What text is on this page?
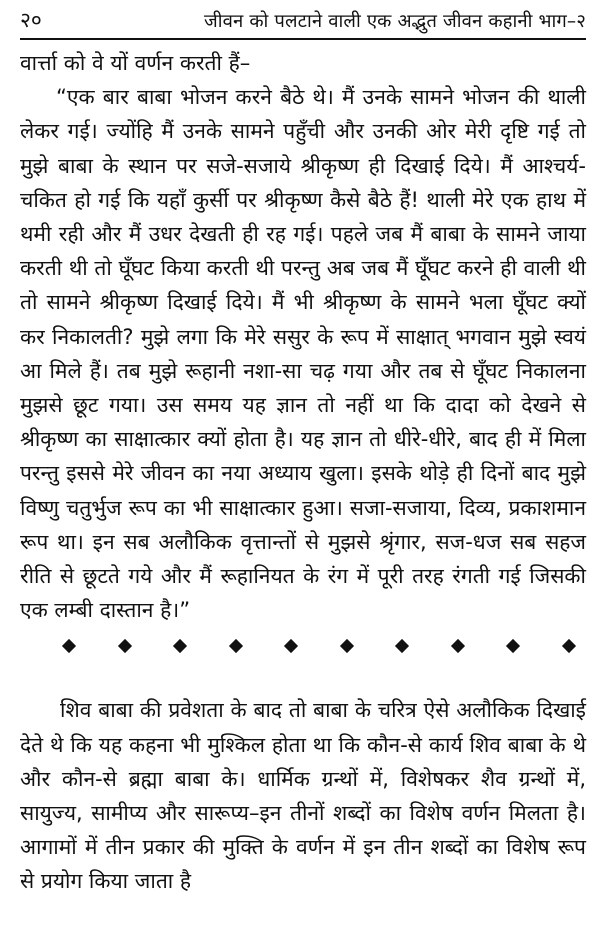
२०	जीवन को पलटाने वाली एक अद्भुत जीवन कहानी भाग–२

वार्त्ता को वे यों वर्णन करती हैं–

“एक बार बाबा भोजन करने बैठे थे। मैं उनके सामने भोजन की थाली लेकर गई। ज्योंहि मैं उनके सामने पहुँची और उनकी ओर मेरी दृष्टि गई तो मुझे बाबा के स्थान पर सजे-सजाये श्रीकृष्ण ही दिखाई दिये। मैं आश्चर्य-चकित हो गई कि यहाँ कुर्सी पर श्रीकृष्ण कैसे बैठे हैं! थाली मेरे एक हाथ में थमी रही और मैं उधर देखती ही रह गई। पहले जब मैं बाबा के सामने जाया करती थी तो घूँघट किया करती थी परन्तु अब जब मैं घूँघट करने ही वाली थी तो सामने श्रीकृष्ण दिखाई दिये। मैं भी श्रीकृष्ण के सामने भला घूँघट क्यों कर निकालती? मुझे लगा कि मेरे ससुर के रूप में साक्षात् भगवान मुझे स्वयं आ मिले हैं। तब मुझे रूहानी नशा-सा चढ़ गया और तब से घूँघट निकालना मुझसे छूट गया। उस समय यह ज्ञान तो नहीं था कि दादा को देखने से श्रीकृष्ण का साक्षात्कार क्यों होता है। यह ज्ञान तो धीरे-धीरे, बाद ही में मिला परन्तु इससे मेरे जीवन का नया अध्याय खुला। इसके थोड़े ही दिनों बाद मुझे विष्णु चतुर्भुज रूप का भी साक्षात्कार हुआ। सजा-सजाया, दिव्य, प्रकाशमान रूप था। इन सब अलौकिक वृत्तान्तों से मुझसे श्रृंगार, सज-धज सब सहज रीति से छूटते गये और मैं रूहानियत के रंग में पूरी तरह रंगती गई जिसकी एक लम्बी दास्तान है।”

शिव बाबा की प्रवेशता के बाद तो बाबा के चरित्र ऐसे अलौकिक दिखाई देते थे कि यह कहना भी मुश्किल होता था कि कौन-से कार्य शिव बाबा के थे और कौन-से ब्रह्मा बाबा के। धार्मिक ग्रन्थों में, विशेषकर शैव ग्रन्थों में, सायुज्य, सामीप्य और सारूप्य–इन तीनों शब्दों का विशेष वर्णन मिलता है। आगामों में तीन प्रकार की मुक्ति के वर्णन में इन तीन शब्दों का विशेष रूप से प्रयोग किया जाता है
